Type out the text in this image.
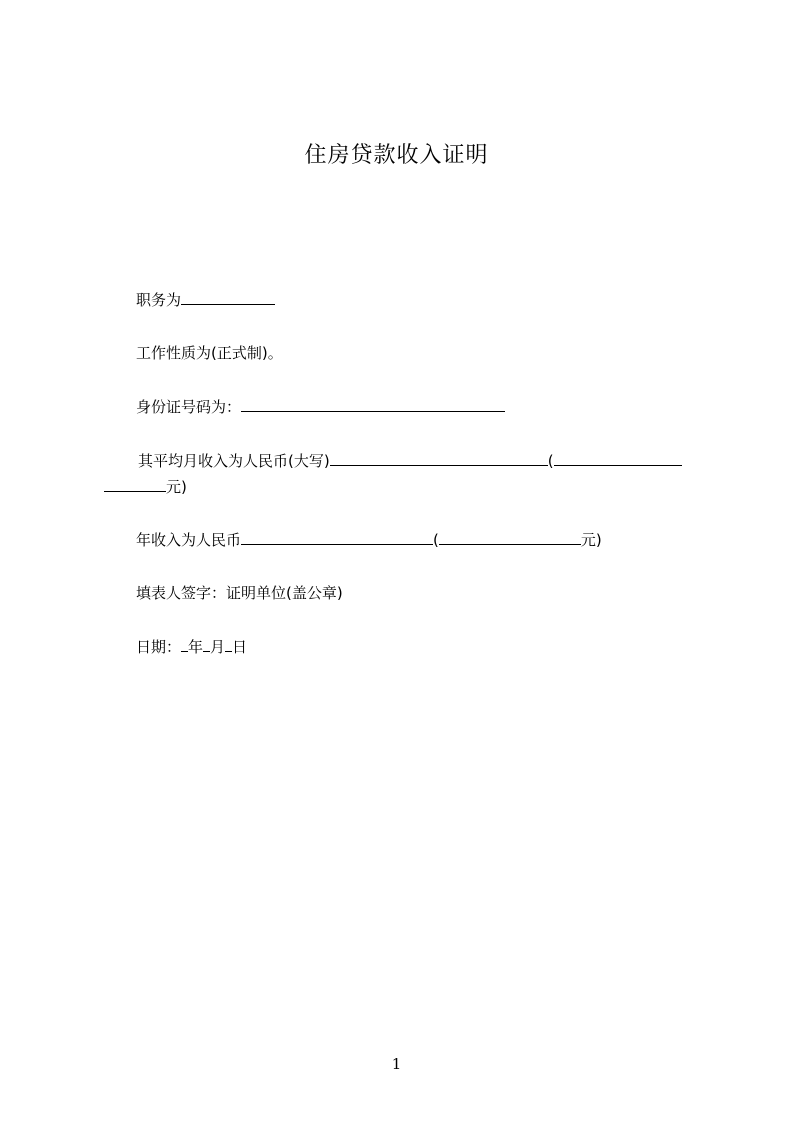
住房贷款收入证明
职务为
工作性质为(正式制)。
身份证号码为：
其平均月收入为人民币(大写)	(
元)
年收入为人民币	(	元)
填表人签字：证明单位(盖公章)
日期： 年 月 日
1
